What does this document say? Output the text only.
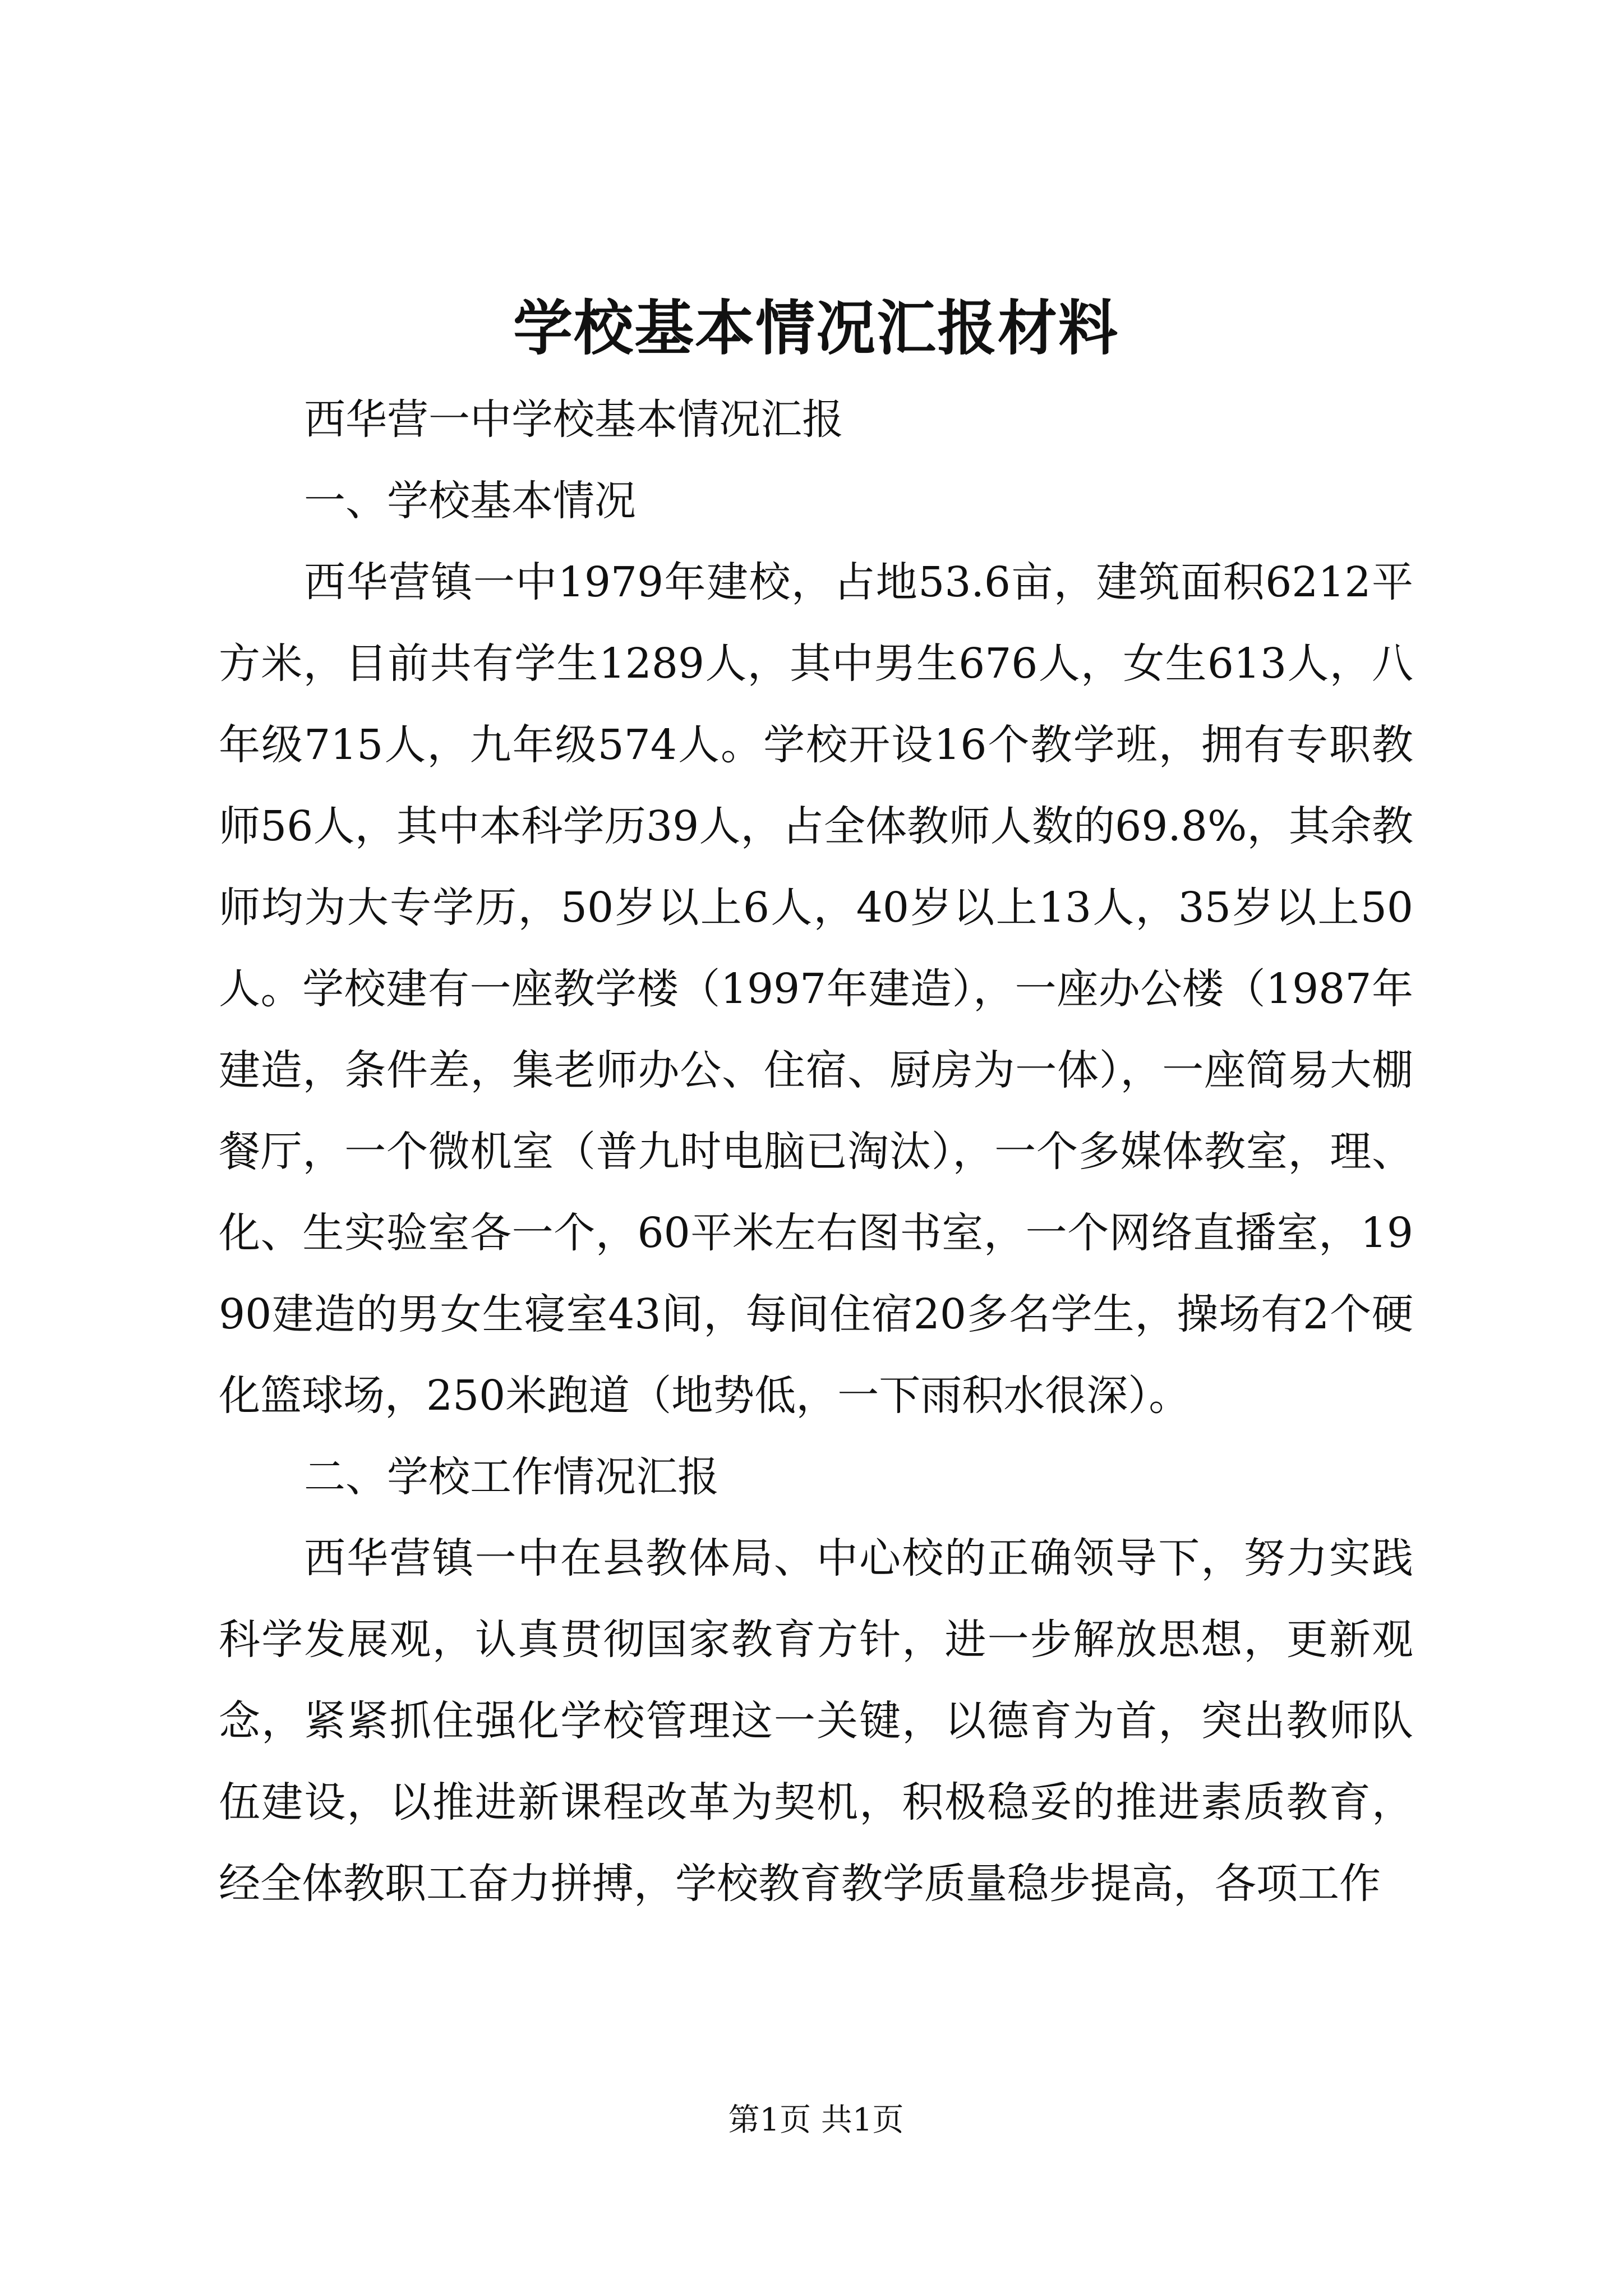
学校基本情况汇报材料

西华营一中学校基本情况汇报

一、学校基本情况

西华营镇一中1979年建校，占地53.6亩，建筑面积6212平方米，目前共有学生1289人，其中男生676人，女生613人，八年级715人，九年级574人。学校开设16个教学班，拥有专职教师56人，其中本科学历39人，占全体教师人数的69.8%，其余教师均为大专学历，50岁以上6人，40岁以上13人，35岁以上50人。学校建有一座教学楼（1997年建造），一座办公楼（1987年建造，条件差，集老师办公、住宿、厨房为一体），一座简易大棚餐厅，一个微机室（普九时电脑已淘汰），一个多媒体教室，理、化、生实验室各一个，60平米左右图书室，一个网络直播室，1990建造的男女生寝室43间，每间住宿20多名学生，操场有2个硬化篮球场，250米跑道（地势低，一下雨积水很深）。

二、学校工作情况汇报

西华营镇一中在县教体局、中心校的正确领导下，努力实践科学发展观，认真贯彻国家教育方针，进一步解放思想，更新观念，紧紧抓住强化学校管理这一关键，以德育为首，突出教师队伍建设，以推进新课程改革为契机，积极稳妥的推进素质教育，经全体教职工奋力拼搏，学校教育教学质量稳步提高，各项工作

第1页 共1页
